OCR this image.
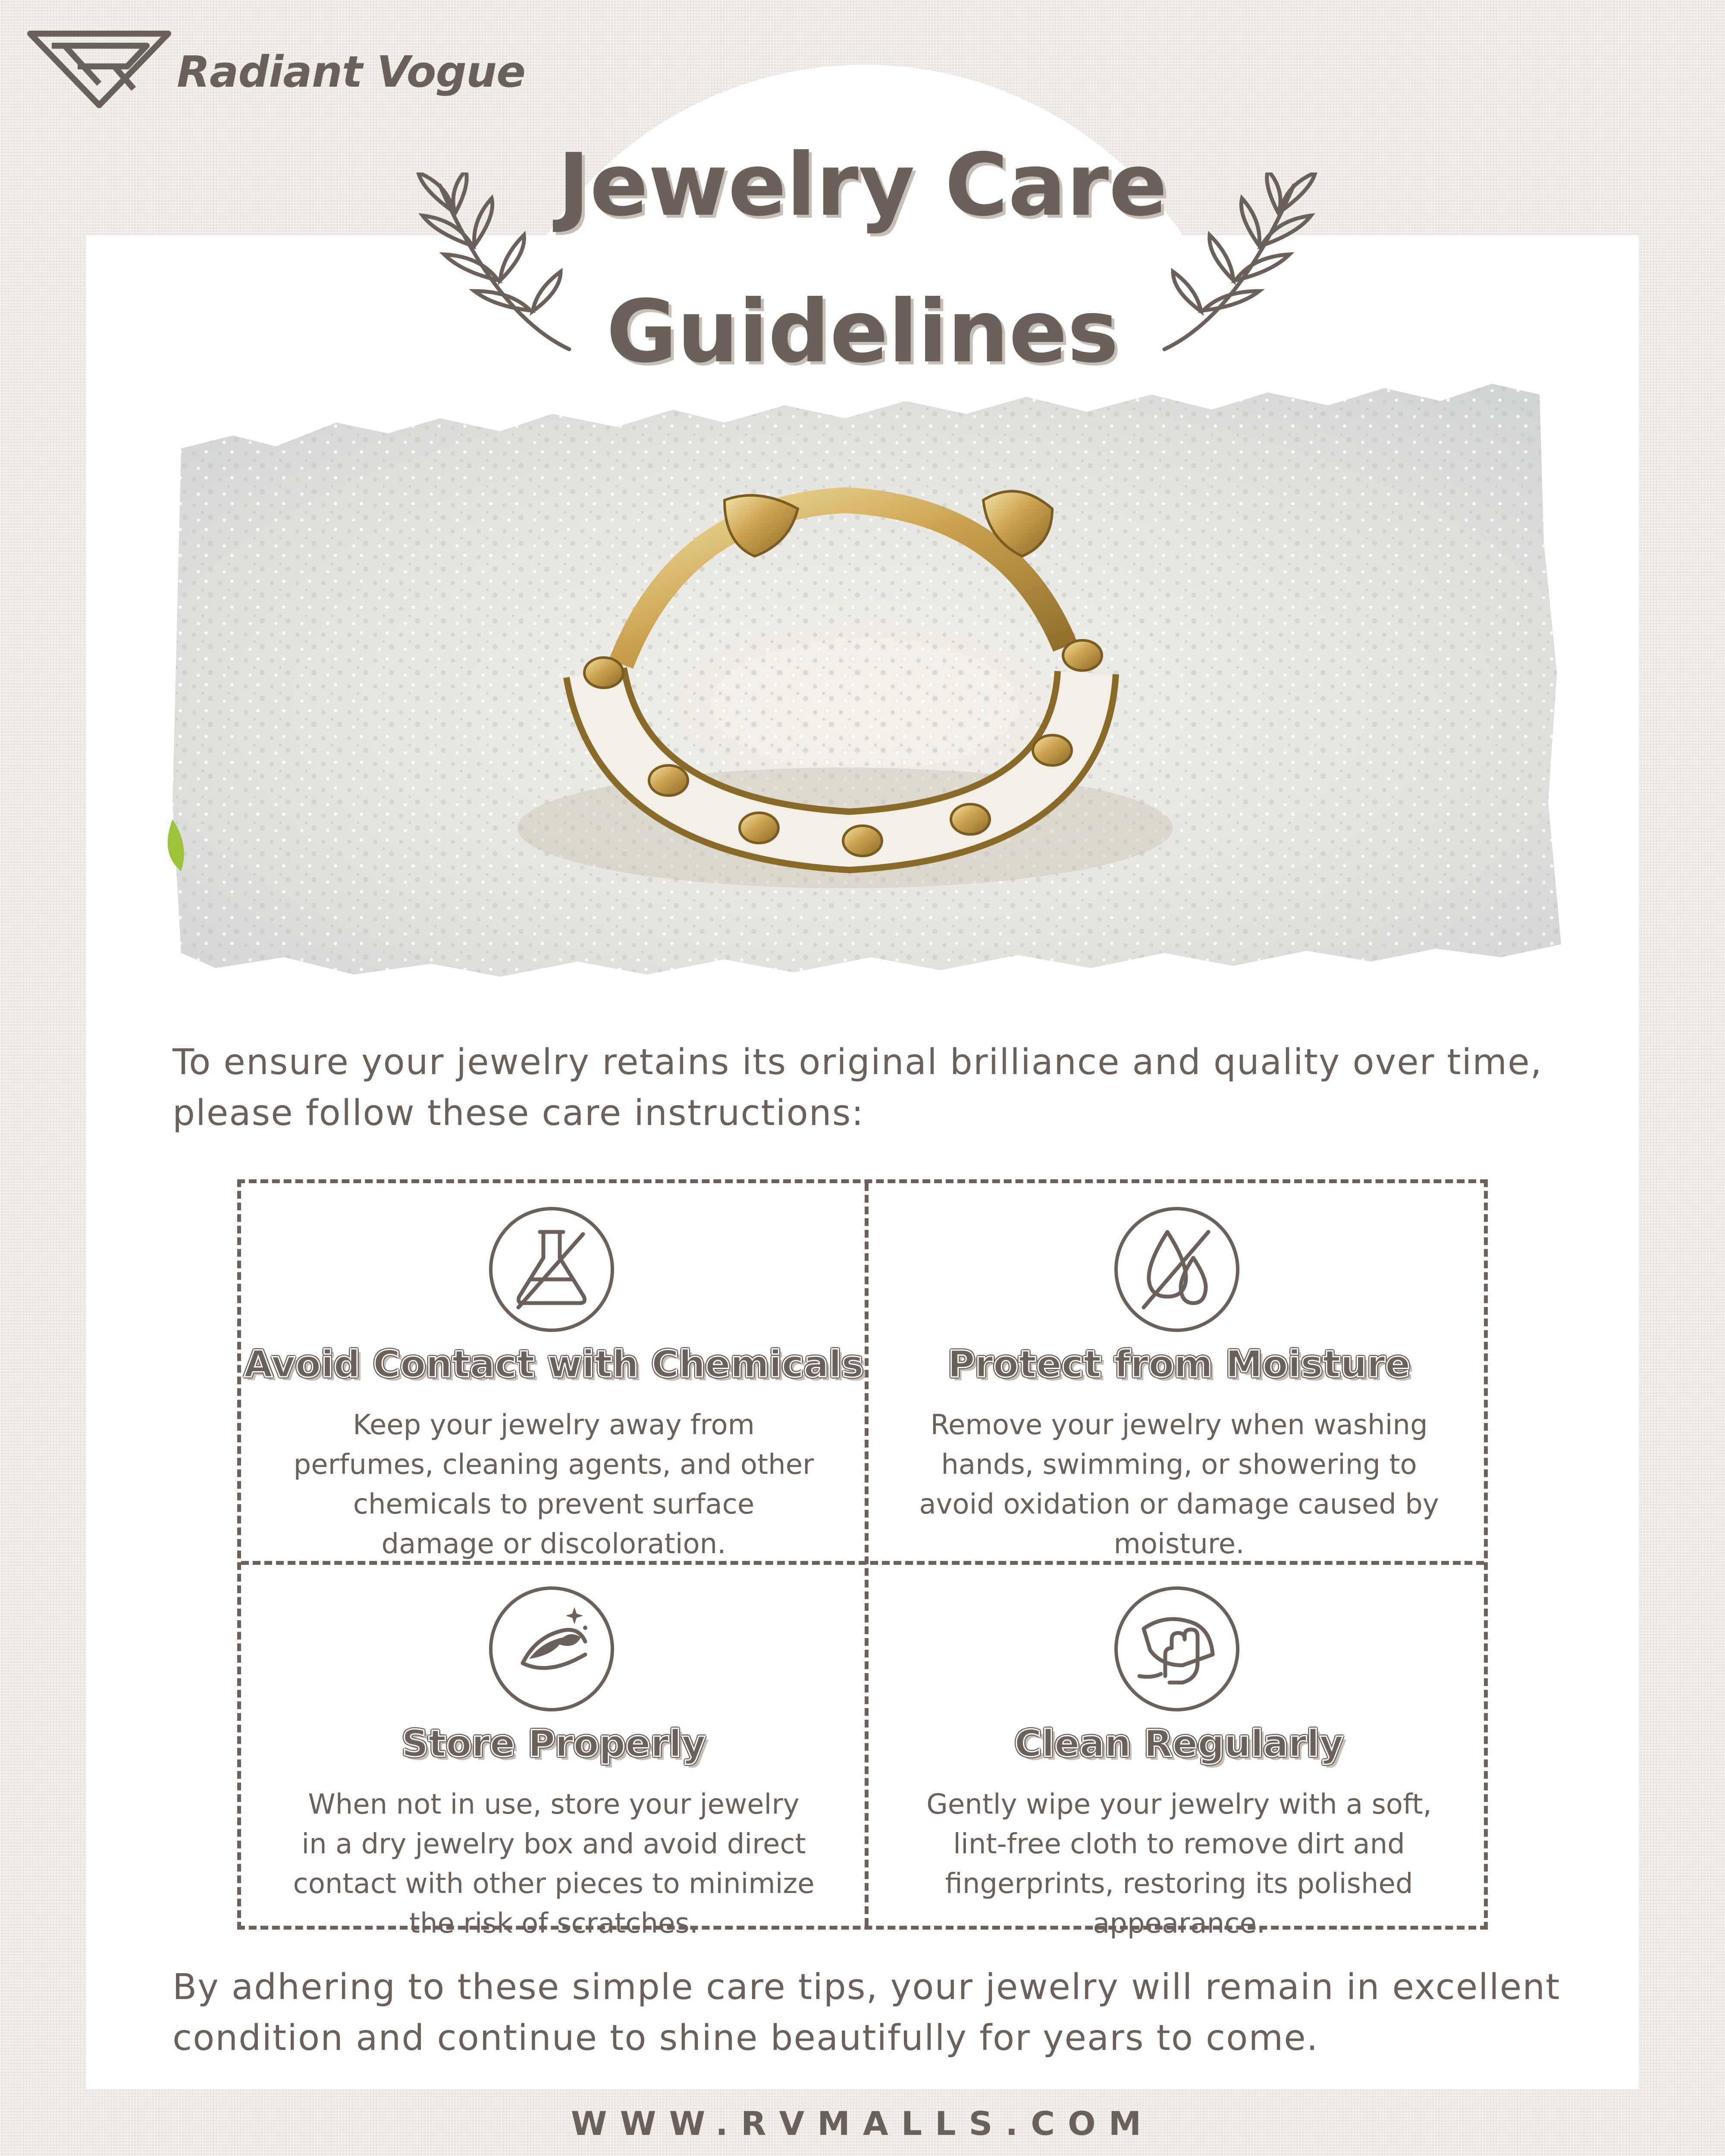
Radiant Vogue
Jewelry Care
Guidelines

To ensure your jewelry retains its original brilliance and quality over time, please follow these care instructions:

Avoid Contact with Chemicals

Keep your jewelry away from perfumes, cleaning agents, and other chemicals to prevent surface damage or discoloration.

Protect from Moisture

Remove your jewelry when washing hands, swimming, or showering to avoid oxidation or damage caused by moisture.

Store Properly

When not in use, store your jewelry in a dry jewelry box and avoid direct contact with other pieces to minimize the risk of scratches.

Clean Regularly

Gently wipe your jewelry with a soft, lint-free cloth to remove dirt and fingerprints, restoring its polished appearance.

By adhering to these simple care tips, your jewelry will remain in excellent condition and continue to shine beautifully for years to come.

WWW.RVMALLS.COM
